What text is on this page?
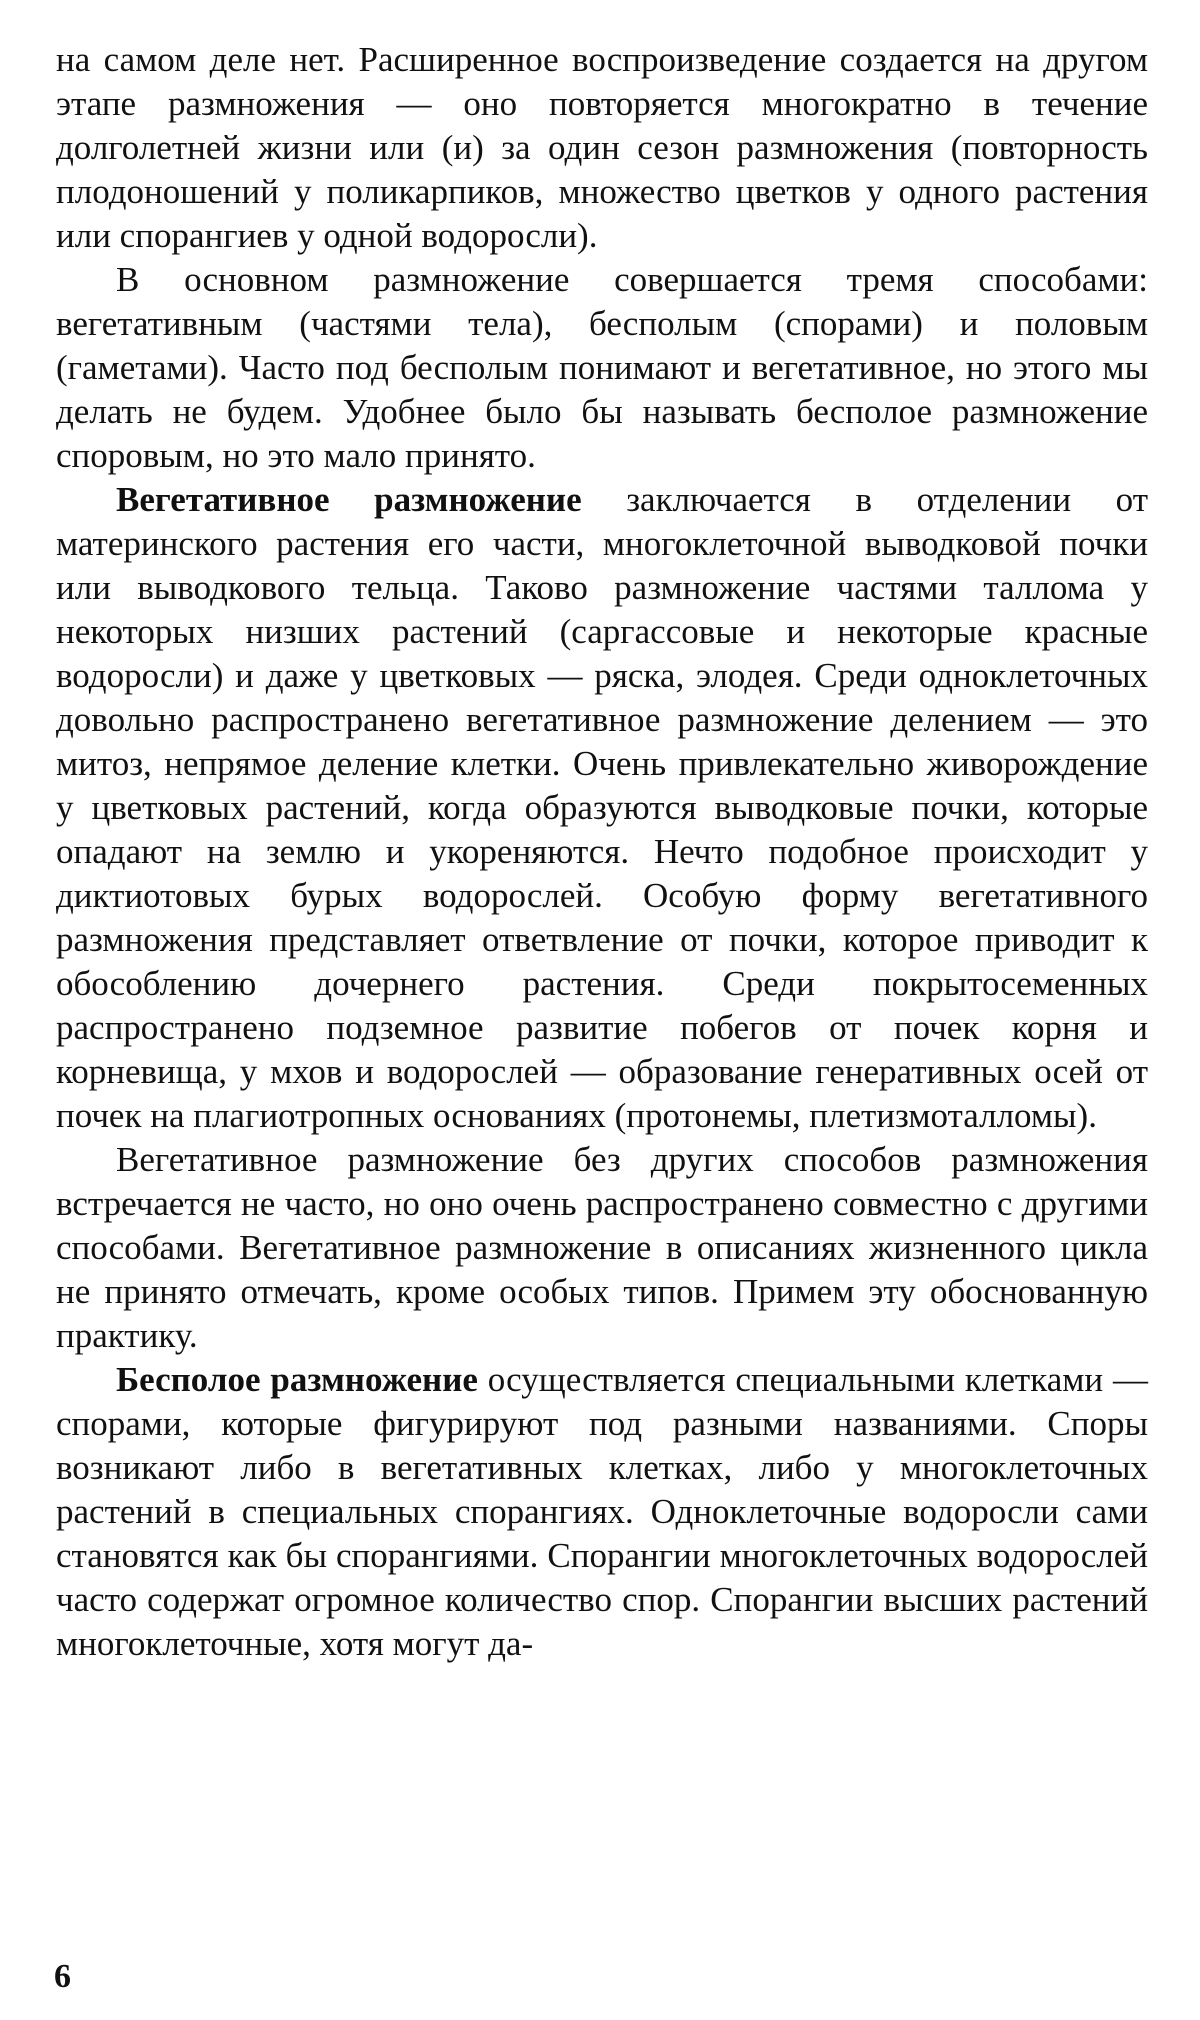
на самом деле нет. Расширенное воспроизведение создается на другом этапе размножения — оно повторяется многократно в течение долголетней жизни или (и) за один сезон размножения (повторность плодоношений у поликарпиков, множество цветков у одного растения или спорангиев у одной водоросли).

В основном размножение совершается тремя способами: вегетативным (частями тела), бесполым (спорами) и половым (гаметами). Часто под бесполым понимают и вегетативное, но этого мы делать не будем. Удобнее было бы называть бесполое размножение споровым, но это мало принято.

Вегетативное размножение заключается в отделении от материнского растения его части, многоклеточной выводковой почки или выводкового тельца. Таково размножение частями таллома у некоторых низших растений (саргассовые и некоторые красные водоросли) и даже у цветковых — ряска, элодея. Среди одноклеточных довольно распространено вегетативное размножение делением — это митоз, непрямое деление клетки. Очень привлекательно живорождение у цветковых растений, когда образуются выводковые почки, которые опадают на землю и укореняются. Нечто подобное происходит у диктиотовых бурых водорослей. Особую форму вегетативного размножения представляет ответвление от почки, которое приводит к обособлению дочернего растения. Среди покрытосеменных распространено подземное развитие побегов от почек корня и корневища, у мхов и водорослей — образование генеративных осей от почек на плагиотропных основаниях (протонемы, плетизмоталломы).

Вегетативное размножение без других способов размножения встречается не часто, но оно очень распространено совместно с другими способами. Вегетативное размножение в описаниях жизненного цикла не принято отмечать, кроме особых типов. Примем эту обоснованную практику.

Бесполое размножение осуществляется специальными клетками — спорами, которые фигурируют под разными названиями. Споры возникают либо в вегетативных клетках, либо у многоклеточных растений в специальных спорангиях. Одноклеточные водоросли сами становятся как бы спорангиями. Спорангии многоклеточных водорослей часто содержат огромное количество спор. Спорангии высших растений многоклеточные, хотя могут да-

6
